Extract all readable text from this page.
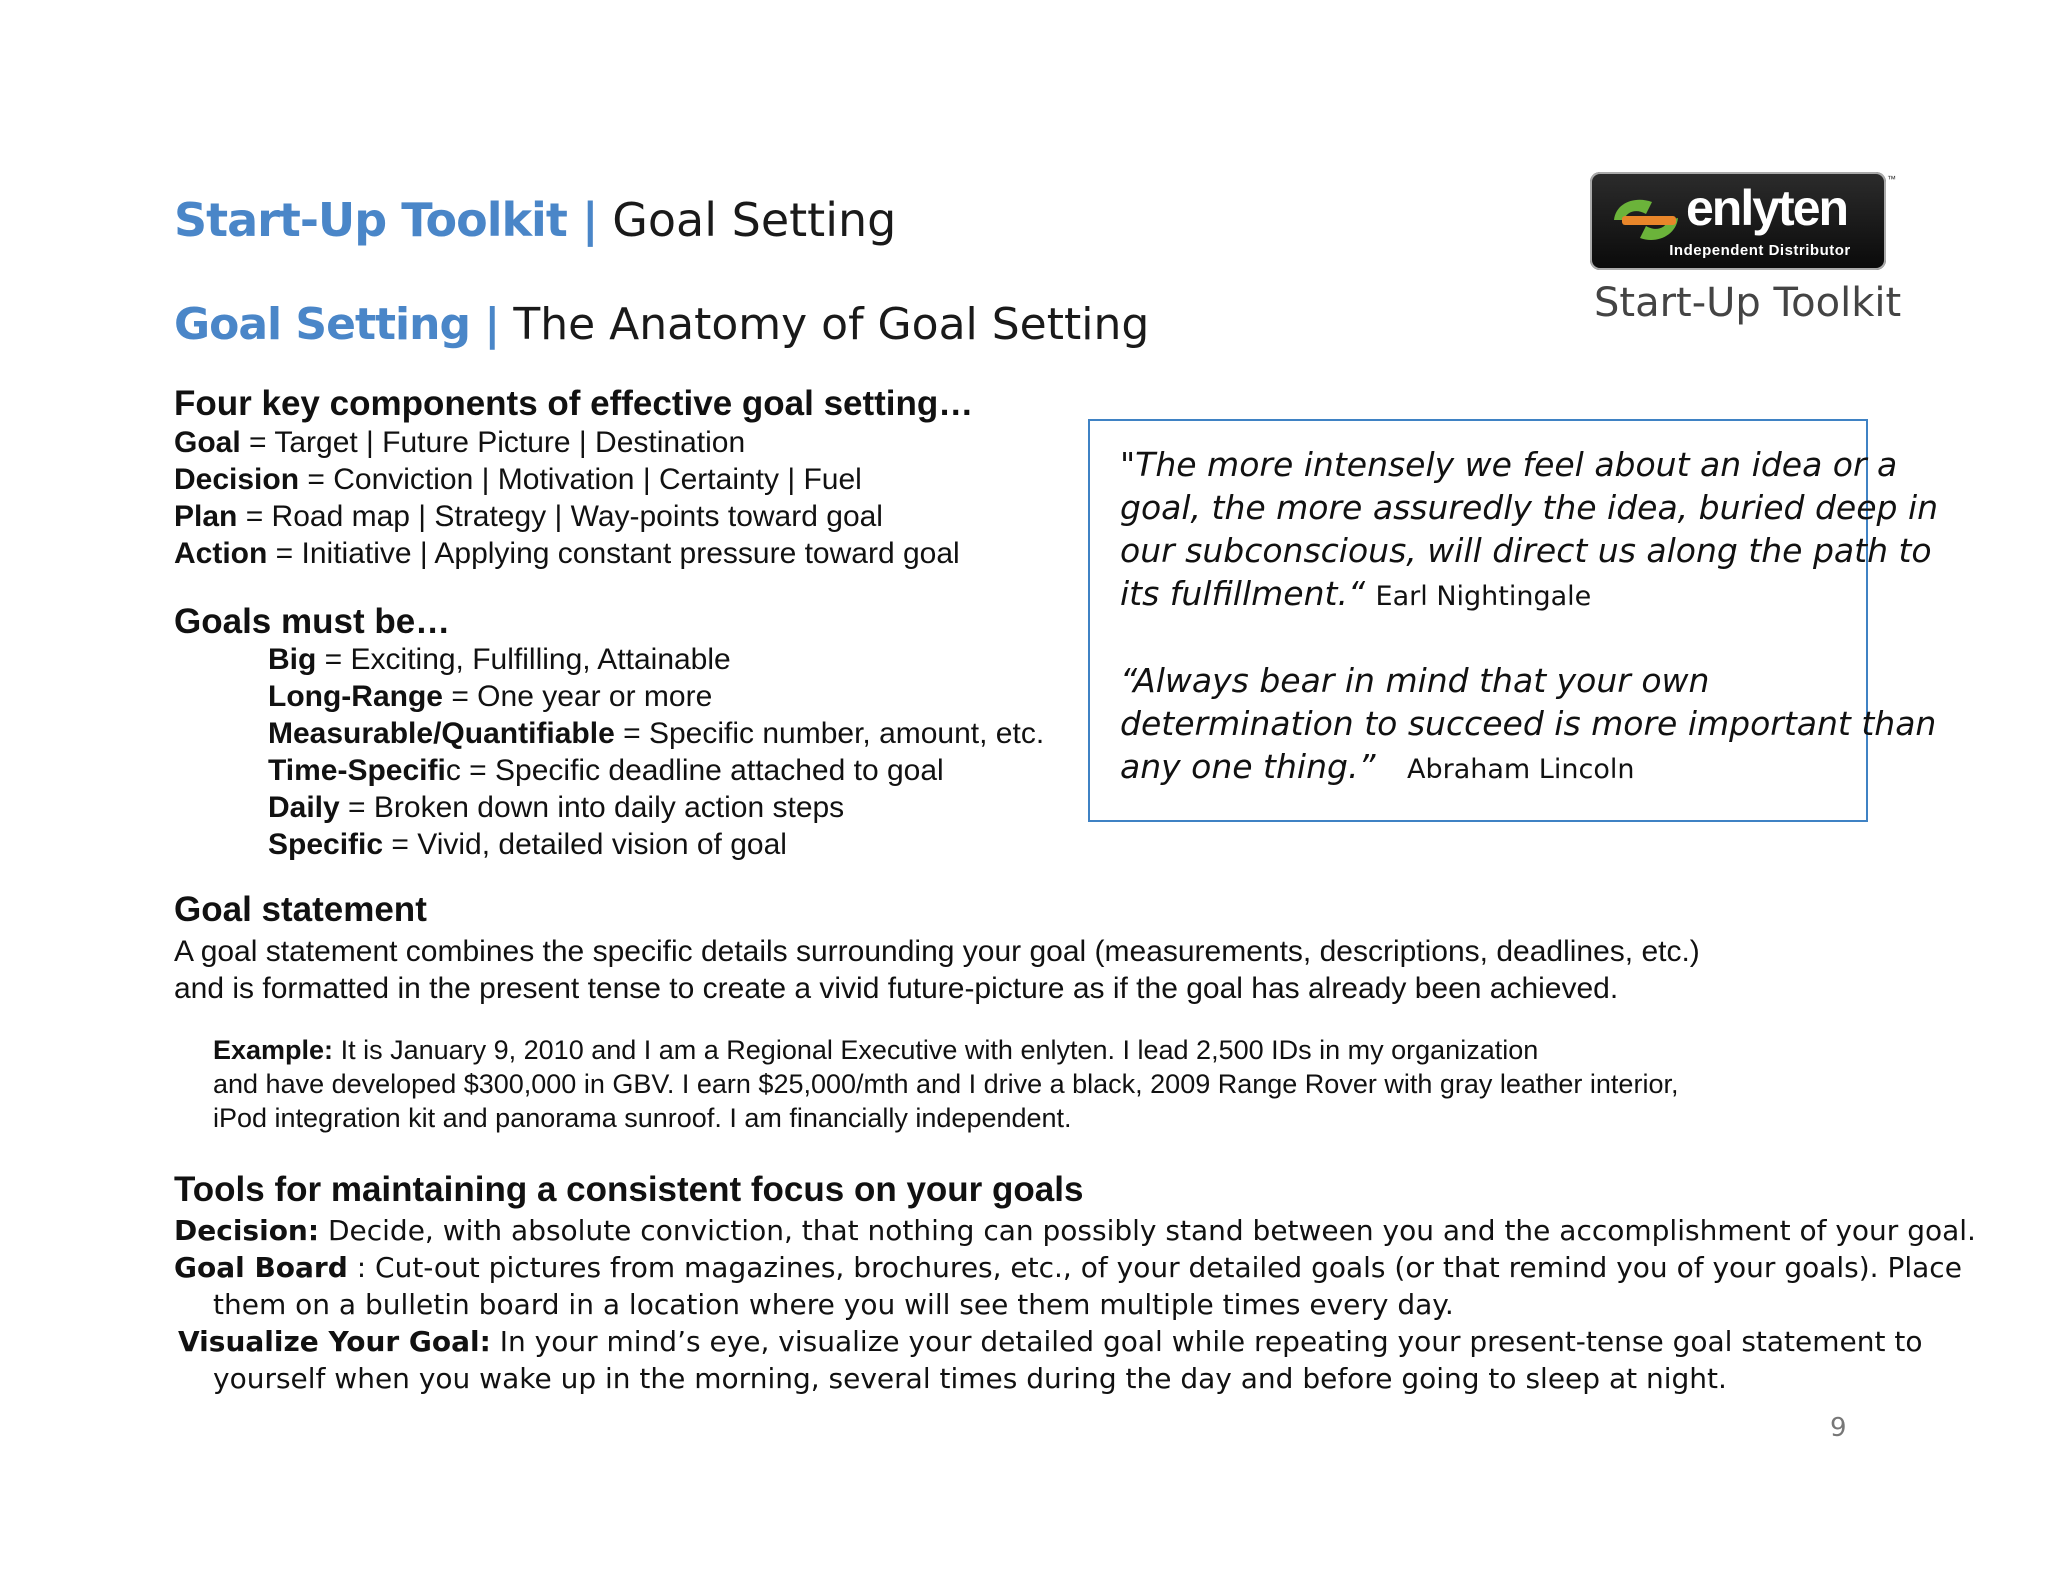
Start-Up Toolkit | Goal Setting
Goal Setting | The Anatomy of Goal Setting
enlyten
Independent Distributor
™
Start-Up Toolkit
Four key components of effective goal setting…
Goal = Target | Future Picture | Destination
Decision = Conviction | Motivation | Certainty | Fuel
Plan = Road map | Strategy | Way-points toward goal
Action = Initiative | Applying constant pressure toward goal
Goals must be…
Big = Exciting, Fulfilling, Attainable
Long-Range = One year or more
Measurable/Quantifiable = Specific number, amount, etc.
Time-Specific = Specific deadline attached to goal
Daily = Broken down into daily action steps
Specific = Vivid, detailed vision of goal
"The more intensely we feel about an idea or a
goal, the more assuredly the idea, buried deep in
our subconscious, will direct us along the path to
its fulfillment.“ Earl Nightingale
“Always bear in mind that your own
determination to succeed is more important than
any one thing.” Abraham Lincoln
Goal statement
A goal statement combines the specific details surrounding your goal (measurements, descriptions, deadlines, etc.)
and is formatted in the present tense to create a vivid future-picture as if the goal has already been achieved.
Example: It is January 9, 2010 and I am a Regional Executive with enlyten. I lead 2,500 IDs in my organization
and have developed $300,000 in GBV. I earn $25,000/mth and I drive a black, 2009 Range Rover with gray leather interior,
iPod integration kit and panorama sunroof. I am financially independent.
Tools for maintaining a consistent focus on your goals
Decision: Decide, with absolute conviction, that nothing can possibly stand between you and the accomplishment of your goal.
Goal Board : Cut-out pictures from magazines, brochures, etc., of your detailed goals (or that remind you of your goals). Place
them on a bulletin board in a location where you will see them multiple times every day.
Visualize Your Goal: In your mind’s eye, visualize your detailed goal while repeating your present-tense goal statement to
yourself when you wake up in the morning, several times during the day and before going to sleep at night.
9
